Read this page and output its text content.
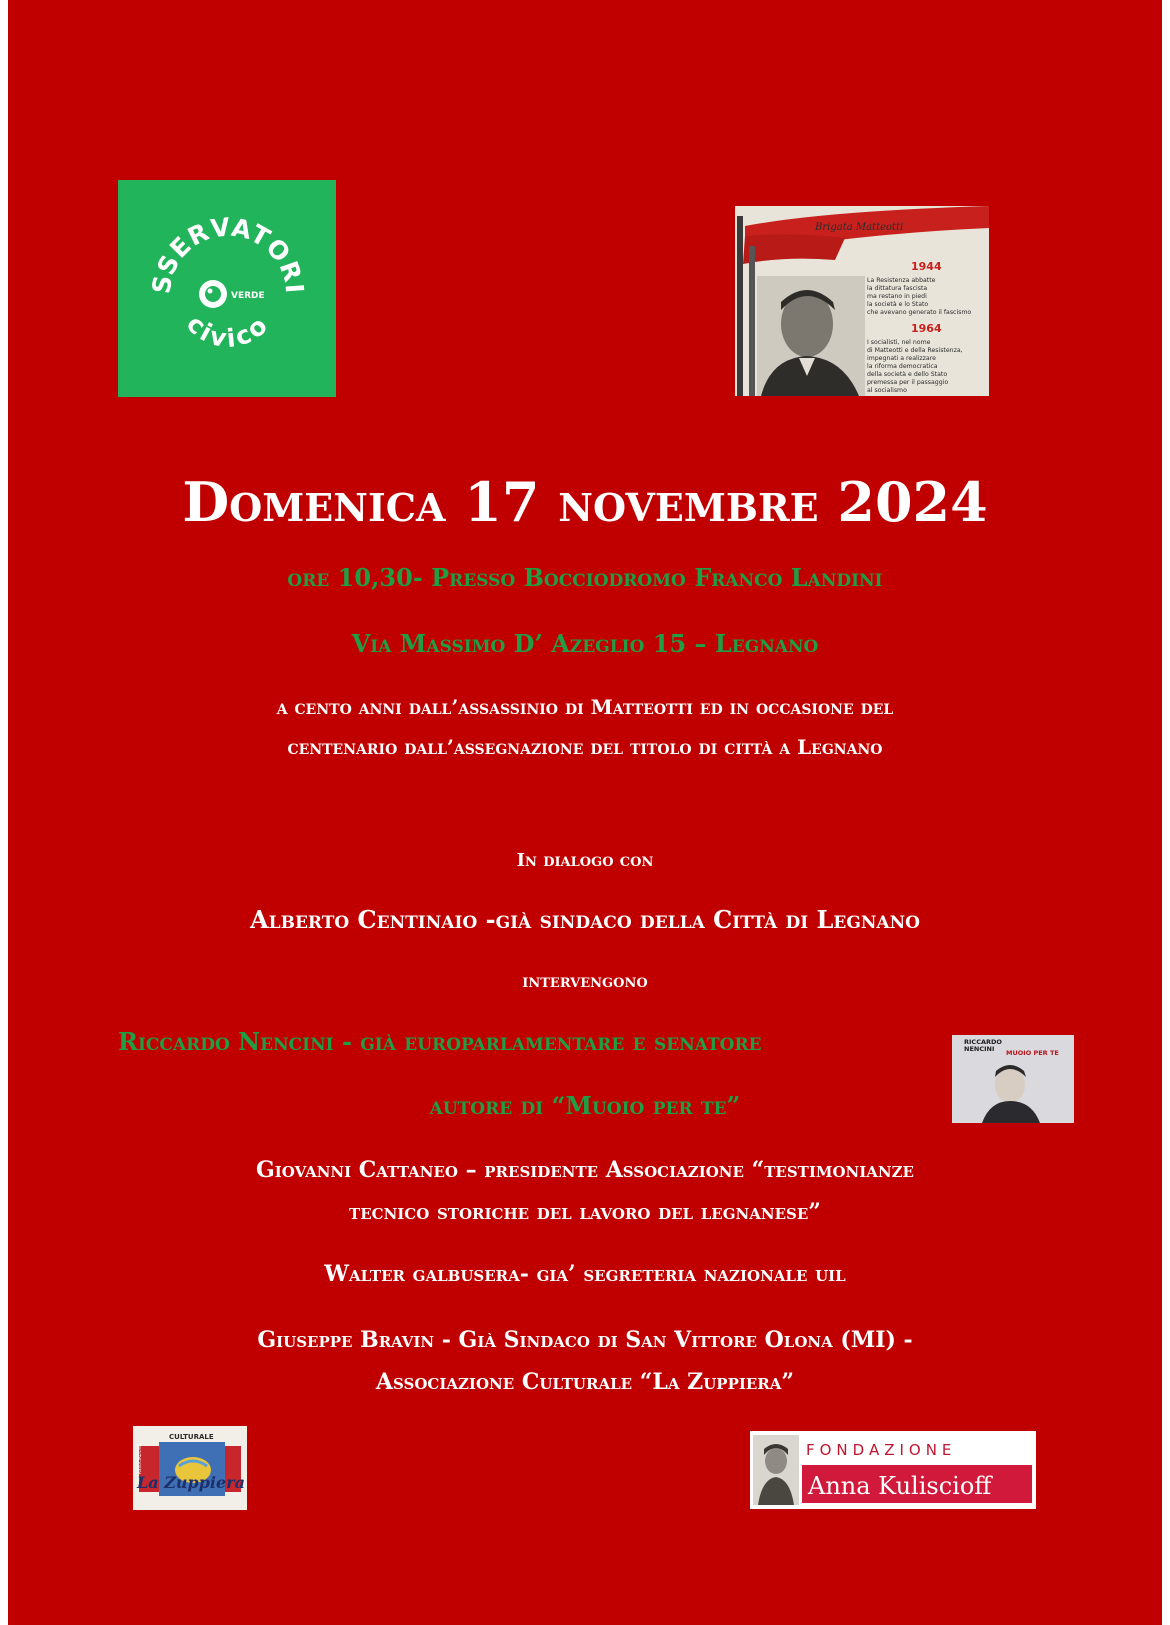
SSERVATORI
civico
VERDE
Brigata Matteotti
1944
La Resistenza abbatte
la dittatura fascista
ma restano in piedi
la società e lo Stato
che avevano generato il fascismo
1964
I socialisti, nel nome
di Matteotti e della Resistenza,
impegnati a realizzare
la riforma democratica
della società e dello Stato
premessa per il passaggio
al socialismo
Domenica 17 novembre 2024
ore 10,30- Presso Bocciodromo Franco Landini
Via Massimo D’ Azeglio 15 – Legnano
a cento anni dall’assassinio di Matteotti ed in occasione del
centenario dall’assegnazione del titolo di città a Legnano
In dialogo con
Alberto Centinaio -già sindaco della Città di Legnano
intervengono
Riccardo Nencini - già europarlamentare e senatore
autore di “Muoio per te”
RICCARDO
NENCINI MUOIO PER TE
Giovanni Cattaneo – presidente Associazione “testimonianze
tecnico storiche del lavoro del legnanese”
Walter galbusera- gia’ segreteria nazionale uil
Giuseppe Bravin - Già Sindaco di San Vittore Olona (MI) -
Associazione Culturale “La Zuppiera”
CULTURALE
ASSOCIAZIONE
La Zuppiera
FONDAZIONE
Anna Kuliscioff
